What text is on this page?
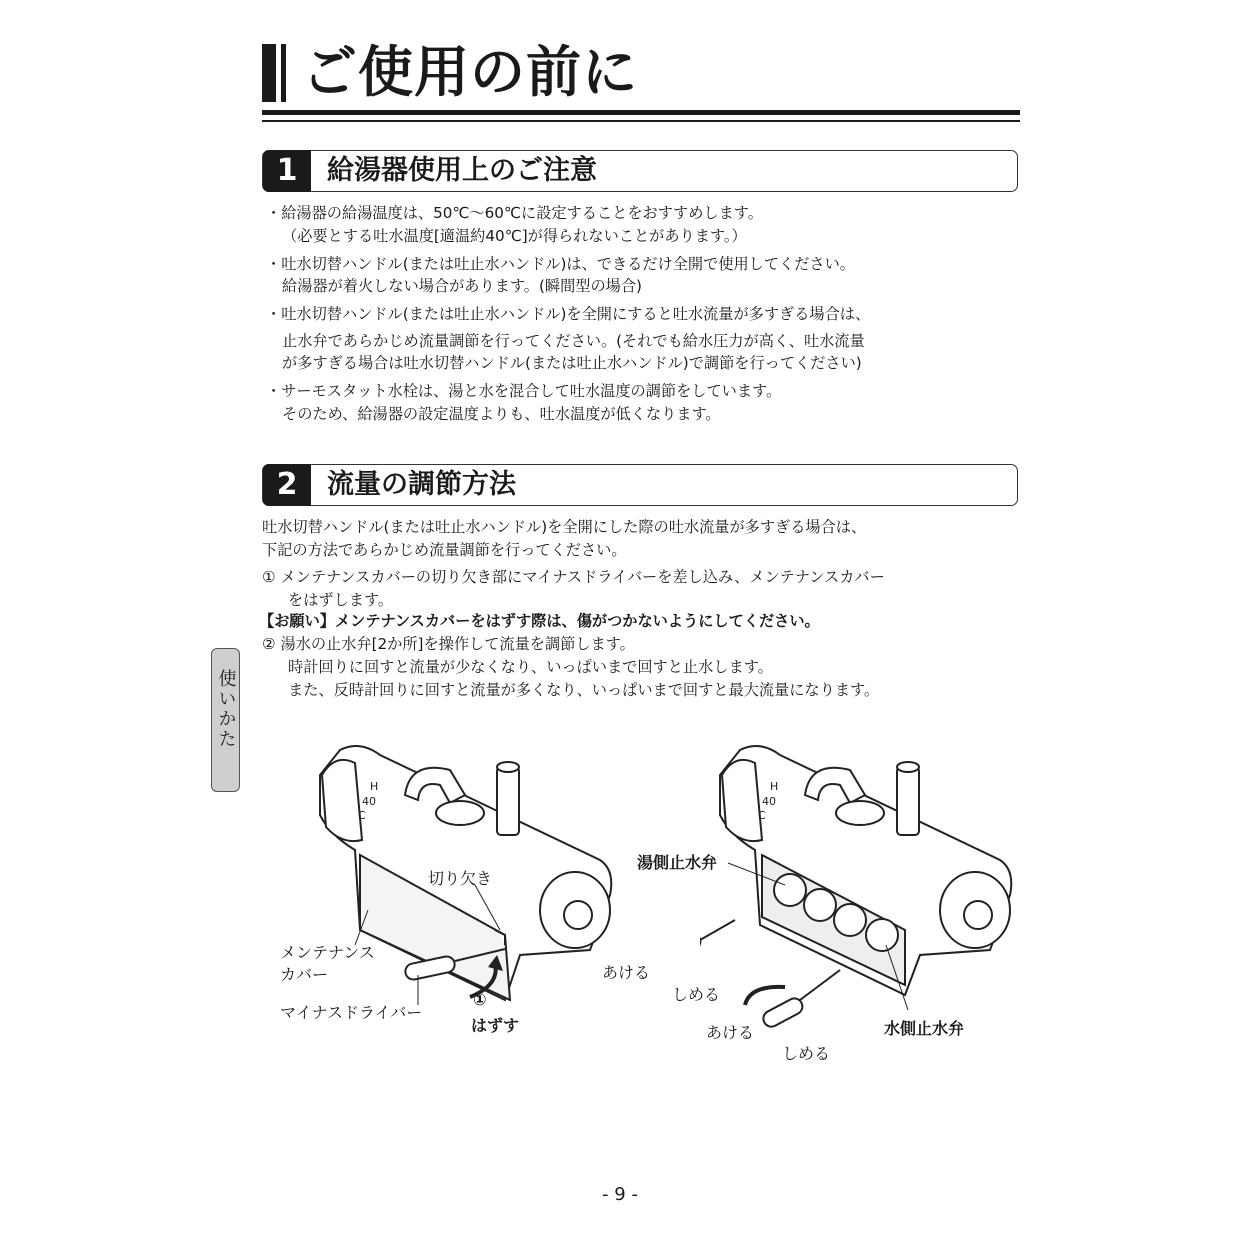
ご使用の前に
1	給湯器使用上のご注意
・給湯器の給湯温度は、50℃～60℃に設定することをおすすめします。
（必要とする吐水温度[適温約40℃]が得られないことがあります。）
・吐水切替ハンドル(または吐止水ハンドル)は、できるだけ全開で使用してください。
給湯器が着火しない場合があります。(瞬間型の場合)
・吐水切替ハンドル(または吐止水ハンドル)を全開にすると吐水流量が多すぎる場合は、
止水弁であらかじめ流量調節を行ってください。(それでも給水圧力が高く、吐水流量
が多すぎる場合は吐水切替ハンドル(または吐止水ハンドル)で調節を行ってください)
・サーモスタット水栓は、湯と水を混合して吐水温度の調節をしています。
そのため、給湯器の設定温度よりも、吐水温度が低くなります。
2	流量の調節方法
吐水切替ハンドル(または吐止水ハンドル)を全開にした際の吐水流量が多すぎる場合は、
下記の方法であらかじめ流量調節を行ってください。
① メンテナンスカバーの切り欠き部にマイナスドライバーを差し込み、メンテナンスカバー
をはずします。
【お願い】メンテナンスカバーをはずす際は、傷がつかないようにしてください。
② 湯水の止水弁[2か所]を操作して流量を調節します。
時計回りに回すと流量が少なくなり、いっぱいまで回すと止水します。
また、反時計回りに回すと流量が多くなり、いっぱいまで回すと最大流量になります。
使いかた
H
40
C
切り欠き
メンテナンス
カバー
マイナスドライバー
①
はずす
H
40
C
湯側止水弁
あける
しめる
あける
しめる
水側止水弁
- 9 -
